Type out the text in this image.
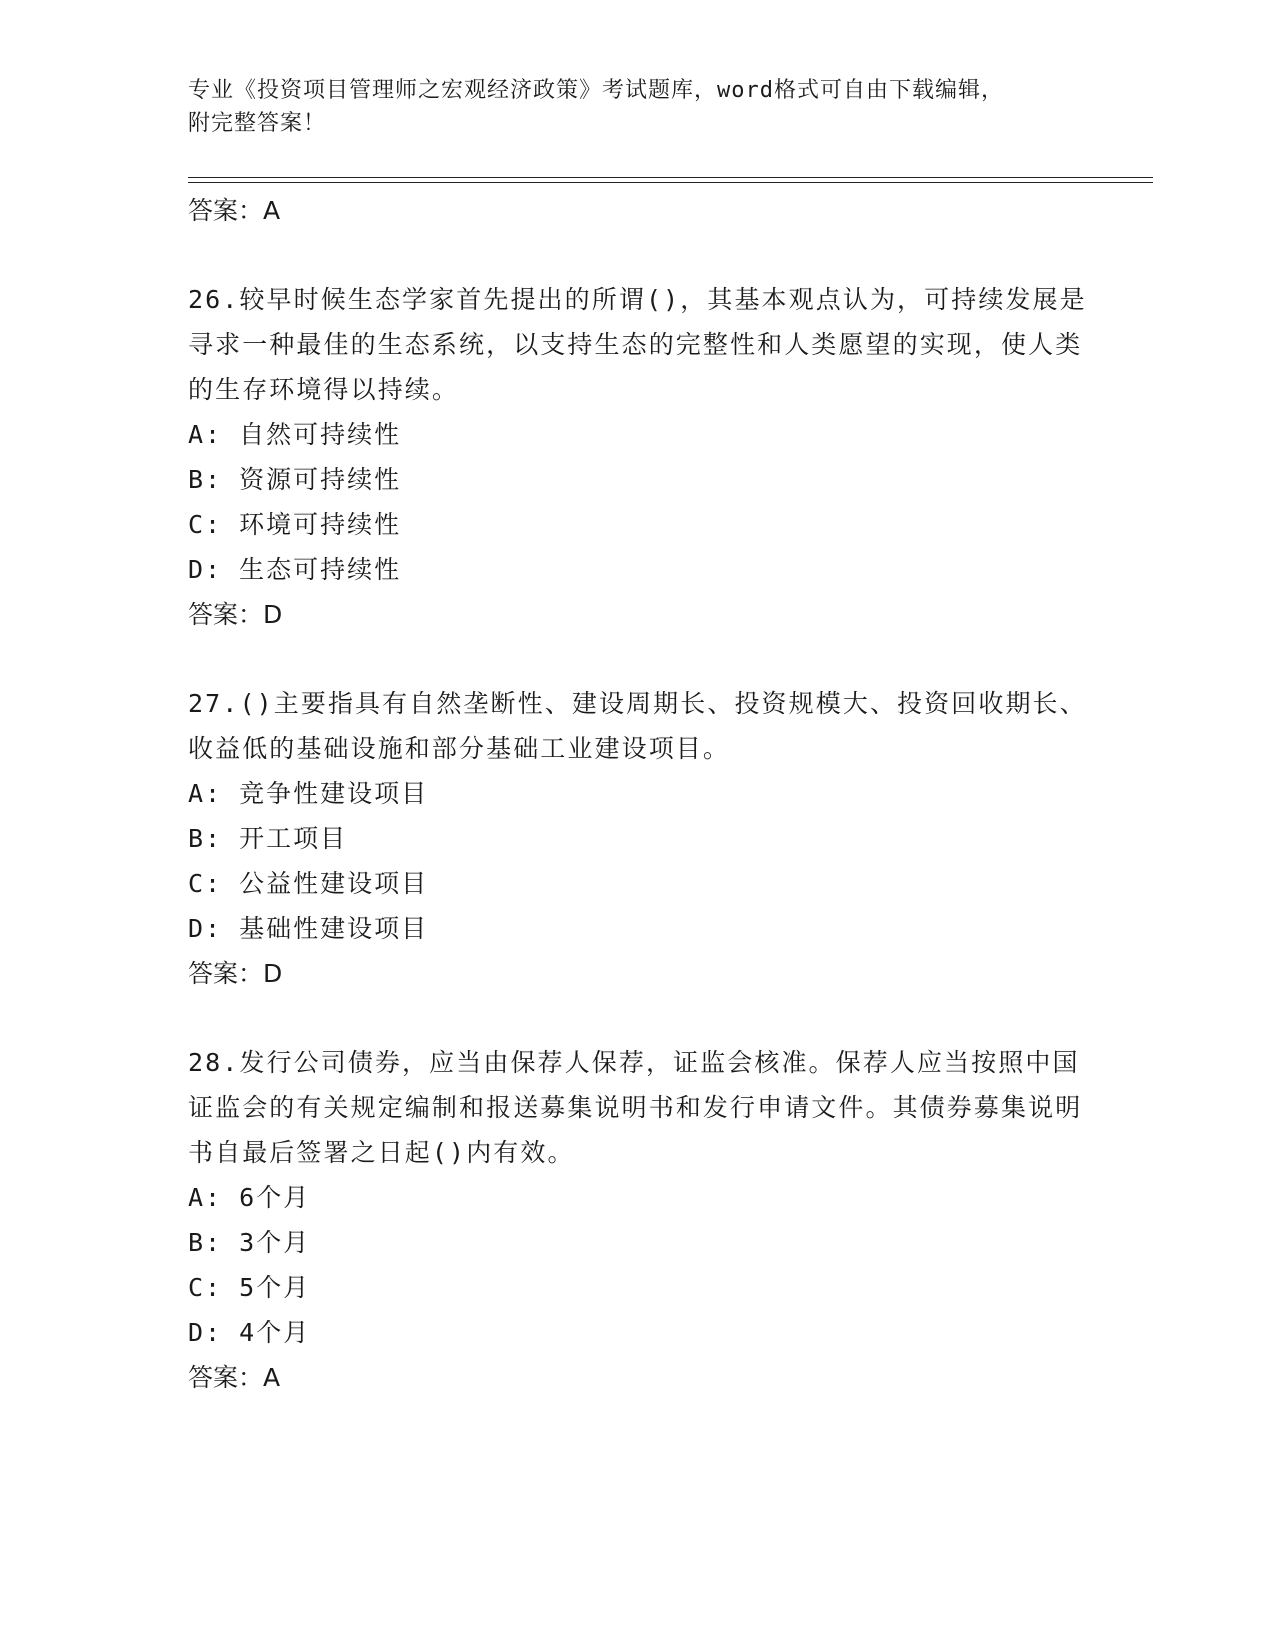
专业《投资项目管理师之宏观经济政策》考试题库，word格式可自由下载编辑，
附完整答案！
答案：A

26.较早时候生态学家首先提出的所谓()，其基本观点认为，可持续发展是寻求一种最佳的生态系统，以支持生态的完整性和人类愿望的实现，使人类的生存环境得以持续。

A: 自然可持续性
B: 资源可持续性
C: 环境可持续性
D: 生态可持续性
答案：D

27.()主要指具有自然垄断性、建设周期长、投资规模大、投资回收期长、收益低的基础设施和部分基础工业建设项目。

A: 竞争性建设项目
B: 开工项目
C: 公益性建设项目
D: 基础性建设项目
答案：D

28.发行公司债券，应当由保荐人保荐，证监会核准。保荐人应当按照中国证监会的有关规定编制和报送募集说明书和发行申请文件。其债券募集说明书自最后签署之日起()内有效。

A: 6个月
B: 3个月
C: 5个月
D: 4个月
答案：A
